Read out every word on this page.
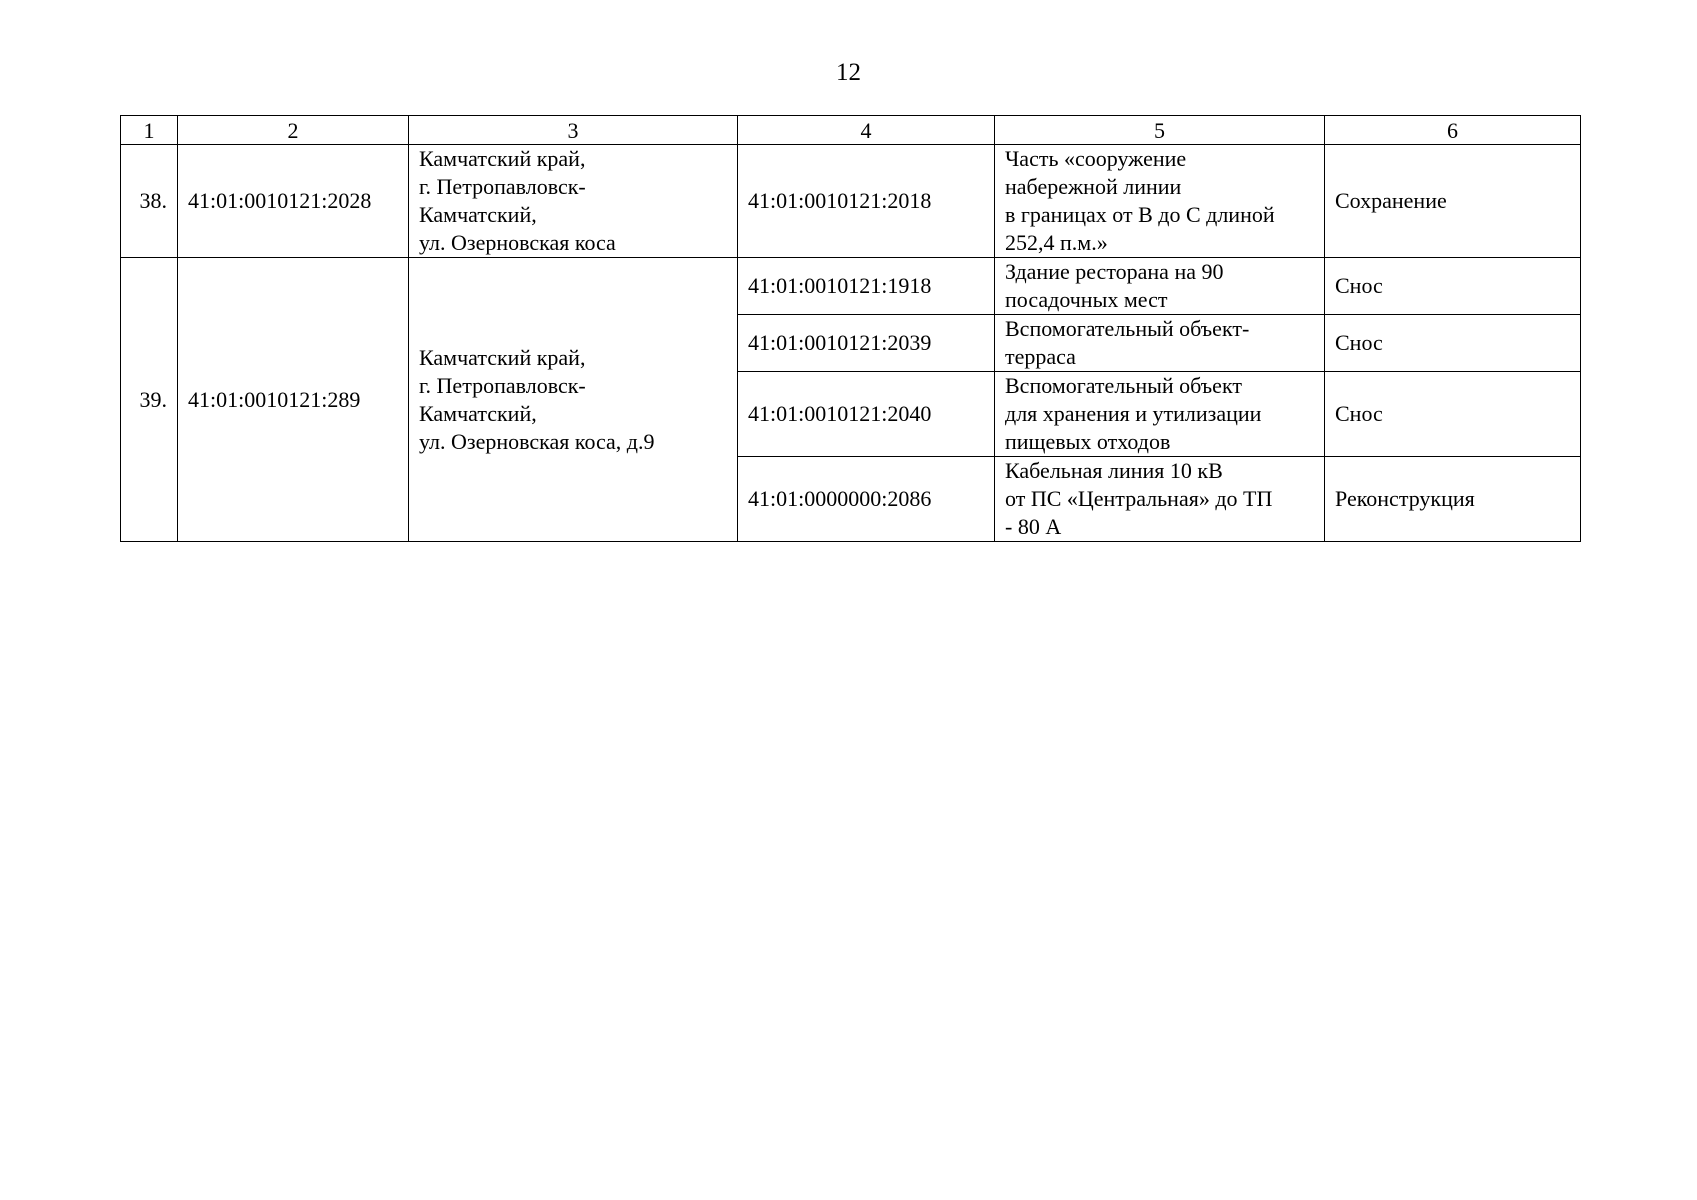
12
1	2	3	4	5	6
38.	41:01:0010121:2028	Камчатский край,
г. Петропавловск-
Камчатский,
ул. Озерновская коса	41:01:0010121:2018	Часть «сооружение
набережной линии
в границах от В до С длиной
252,4 п.м.»	Сохранение
39.	41:01:0010121:289	Камчатский край,
г. Петропавловск-
Камчатский,
ул. Озерновская коса, д.9	41:01:0010121:1918	Здание ресторана на 90
посадочных мест	Снос
			41:01:0010121:2039	Вспомогательный объект-
терраса	Снос
			41:01:0010121:2040	Вспомогательный объект
для хранения и утилизации
пищевых отходов	Снос
			41:01:0000000:2086	Кабельная линия 10 кВ
от ПС «Центральная» до ТП
- 80 А	Реконструкция
